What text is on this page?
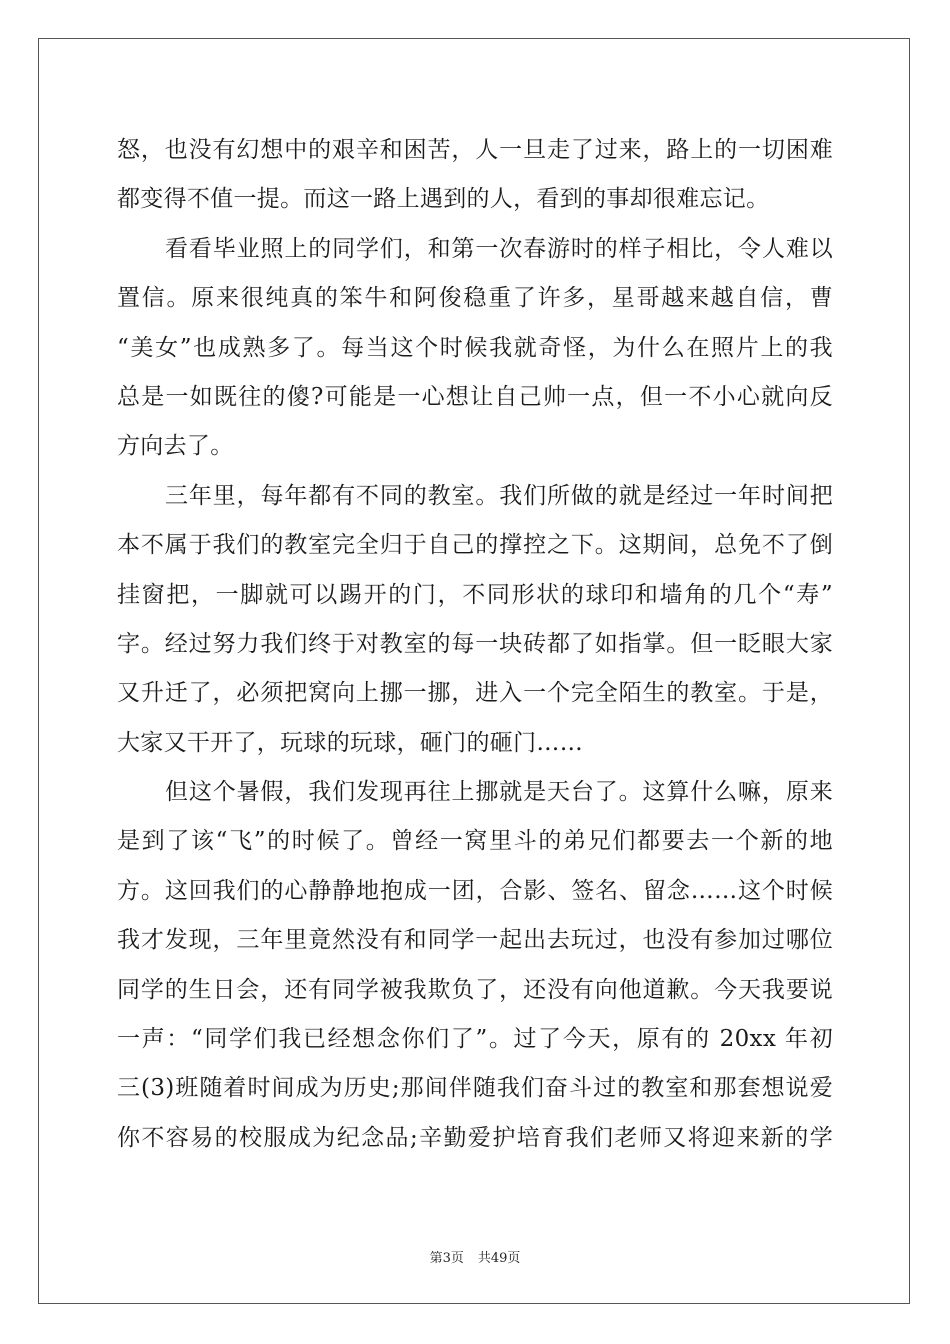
怒，也没有幻想中的艰辛和困苦，人一旦走了过来，路上的一切困难
都变得不值一提。而这一路上遇到的人，看到的事却很难忘记。
看看毕业照上的同学们，和第一次春游时的样子相比，令人难以
置信。原来很纯真的笨牛和阿俊稳重了许多，星哥越来越自信，曹
“美女”也成熟多了。每当这个时候我就奇怪，为什么在照片上的我
总是一如既往的傻?可能是一心想让自己帅一点，但一不小心就向反
方向去了。
三年里，每年都有不同的教室。我们所做的就是经过一年时间把
本不属于我们的教室完全归于自己的撑控之下。这期间，总免不了倒
挂窗把，一脚就可以踢开的门，不同形状的球印和墙角的几个“寿”
字。经过努力我们终于对教室的每一块砖都了如指掌。但一眨眼大家
又升迁了，必须把窝向上挪一挪，进入一个完全陌生的教室。于是，
大家又干开了，玩球的玩球，砸门的砸门……
但这个暑假，我们发现再往上挪就是天台了。这算什么嘛，原来
是到了该“飞”的时候了。曾经一窝里斗的弟兄们都要去一个新的地
方。这回我们的心静静地抱成一团，合影、签名、留念……这个时候
我才发现，三年里竟然没有和同学一起出去玩过，也没有参加过哪位
同学的生日会，还有同学被我欺负了，还没有向他道歉。今天我要说
一声：“同学们我已经想念你们了”。过了今天，原有的 20xx 年初
三(3)班随着时间成为历史;那间伴随我们奋斗过的教室和那套想说爱
你不容易的校服成为纪念品;辛勤爱护培育我们老师又将迎来新的学
第3页 共49页
